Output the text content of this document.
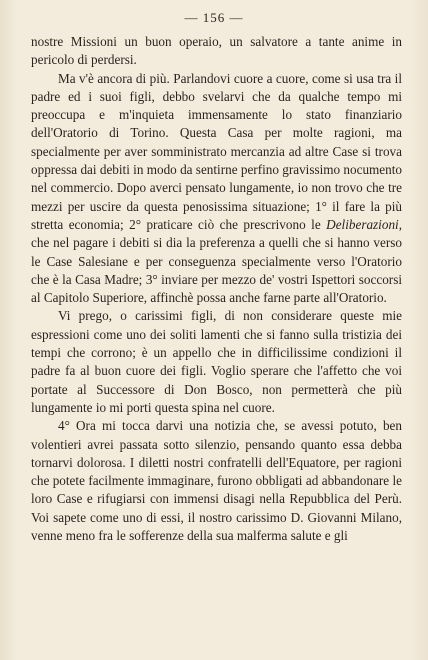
— 156 —

nostre Missioni un buon operaio, un salvatore a tante anime in pericolo di perdersi.

Ma v'è ancora di più. Parlandovi cuore a cuore, come si usa tra il padre ed i suoi figli, debbo svelarvi che da qualche tempo mi preoccupa e m'inquieta immensamente lo stato finanziario dell'Oratorio di Torino. Questa Casa per molte ragioni, ma specialmente per aver somministrato mercanzia ad altre Case si trova oppressa dai debiti in modo da sentirne perfino gravissimo nocumento nel commercio. Dopo averci pensato lungamente, io non trovo che tre mezzi per uscire da questa penosissima situazione; 1° il fare la più stretta economia; 2° praticare ciò che prescrivono le Deliberazioni, che nel pagare i debiti si dia la preferenza a quelli che si hanno verso le Case Salesiane e per conseguenza specialmente verso l'Oratorio che è la Casa Madre; 3° inviare per mezzo de' vostri Ispettori soccorsi al Capitolo Superiore, affinchè possa anche farne parte all'Oratorio.

Vi prego, o carissimi figli, di non considerare queste mie espressioni come uno dei soliti lamenti che si fanno sulla tristizia dei tempi che corrono; è un appello che in difficilissime condizioni il padre fa al buon cuore dei figli. Voglio sperare che l'affetto che voi portate al Successore di Don Bosco, non permetterà che più lungamente io mi porti questa spina nel cuore.

4° Ora mi tocca darvi una notizia che, se avessi potuto, ben volentieri avrei passata sotto silenzio, pensando quanto essa debba tornarvi dolorosa. I diletti nostri confratelli dell'Equatore, per ragioni che potete facilmente immaginare, furono obbligati ad abbandonare le loro Case e rifugiarsi con immensi disagi nella Repubblica del Perù. Voi sapete come uno di essi, il nostro carissimo D. Giovanni Milano, venne meno fra le sofferenze della sua malferma salute e gli
